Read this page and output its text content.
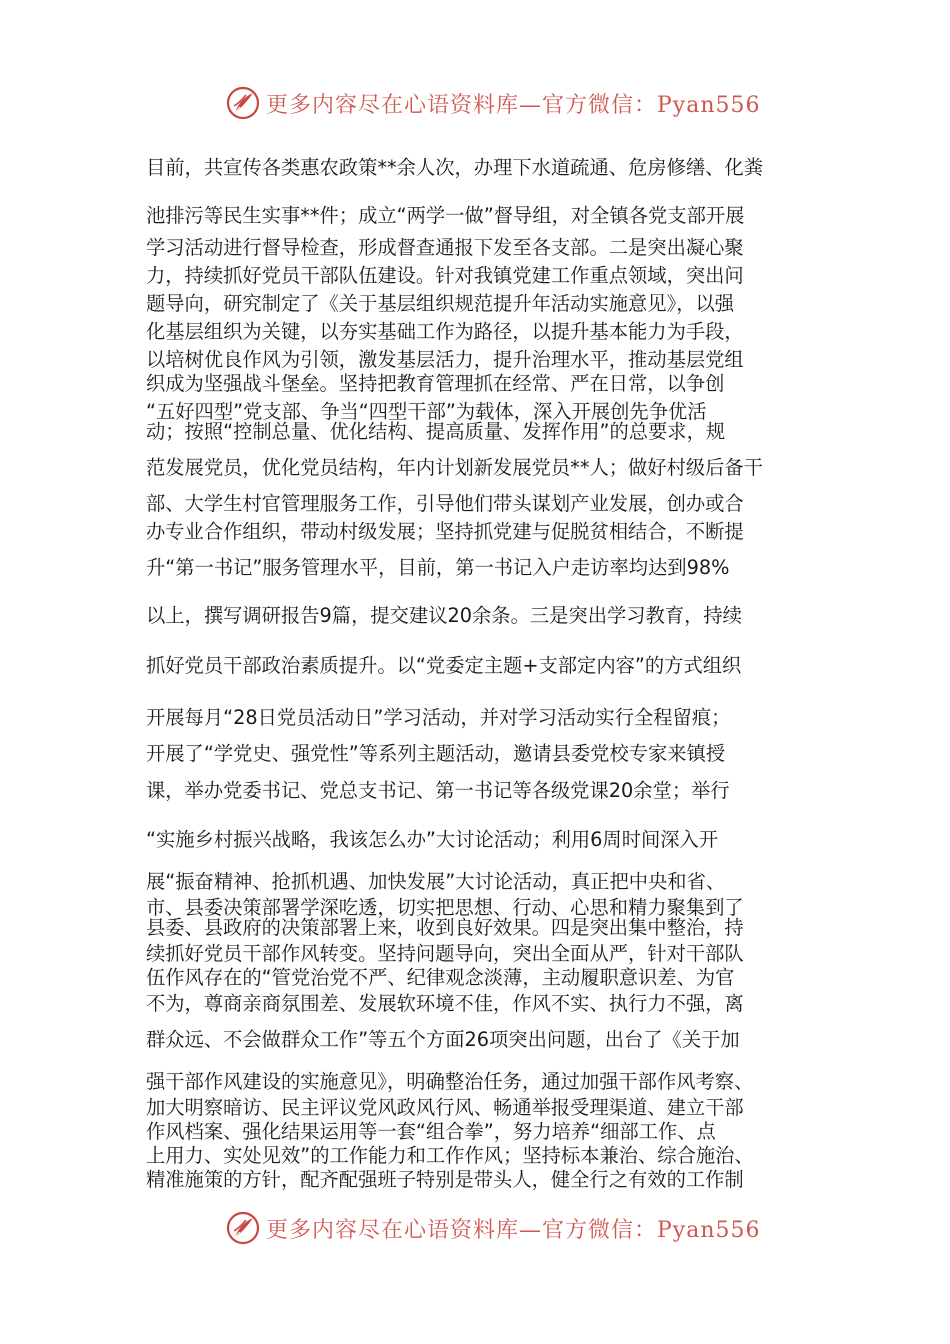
更多内容尽在心语资料库—官方微信：Pyan556
目前，共宣传各类惠农政策**余人次，办理下水道疏通、危房修缮、化粪
池排污等民生实事**件；成立“两学一做”督导组，对全镇各党支部开展
学习活动进行督导检查，形成督查通报下发至各支部。二是突出凝心聚
力，持续抓好党员干部队伍建设。针对我镇党建工作重点领域，突出问
题导向，研究制定了《关于基层组织规范提升年活动实施意见》，以强
化基层组织为关键，以夯实基础工作为路径，以提升基本能力为手段，
以培树优良作风为引领，激发基层活力，提升治理水平，推动基层党组
织成为坚强战斗堡垒。坚持把教育管理抓在经常、严在日常，以争创
“五好四型”党支部、争当“四型干部”为载体，深入开展创先争优活
动；按照“控制总量、优化结构、提高质量、发挥作用”的总要求，规
范发展党员，优化党员结构，年内计划新发展党员**人；做好村级后备干
部、大学生村官管理服务工作，引导他们带头谋划产业发展，创办或合
办专业合作组织，带动村级发展；坚持抓党建与促脱贫相结合，不断提
升“第一书记”服务管理水平，目前，第一书记入户走访率均达到98%
以上，撰写调研报告9篇，提交建议20余条。三是突出学习教育，持续
抓好党员干部政治素质提升。以“党委定主题+支部定内容”的方式组织
开展每月“28日党员活动日”学习活动，并对学习活动实行全程留痕；
开展了“学党史、强党性”等系列主题活动，邀请县委党校专家来镇授
课，举办党委书记、党总支书记、第一书记等各级党课20余堂；举行
“实施乡村振兴战略，我该怎么办”大讨论活动；利用6周时间深入开
展“振奋精神、抢抓机遇、加快发展”大讨论活动，真正把中央和省、
市、县委决策部署学深吃透，切实把思想、行动、心思和精力聚集到了
县委、县政府的决策部署上来，收到良好效果。四是突出集中整治，持
续抓好党员干部作风转变。坚持问题导向，突出全面从严，针对干部队
伍作风存在的“管党治党不严、纪律观念淡薄，主动履职意识差、为官
不为，尊商亲商氛围差、发展软环境不佳，作风不实、执行力不强，离
群众远、不会做群众工作”等五个方面26项突出问题，出台了《关于加
强干部作风建设的实施意见》，明确整治任务，通过加强干部作风考察、
加大明察暗访、民主评议党风政风行风、畅通举报受理渠道、建立干部
作风档案、强化结果运用等一套“组合拳”，努力培养“细部工作、点
上用力、实处见效”的工作能力和工作作风；坚持标本兼治、综合施治、
精准施策的方针，配齐配强班子特别是带头人，健全行之有效的工作制
更多内容尽在心语资料库—官方微信：Pyan556
